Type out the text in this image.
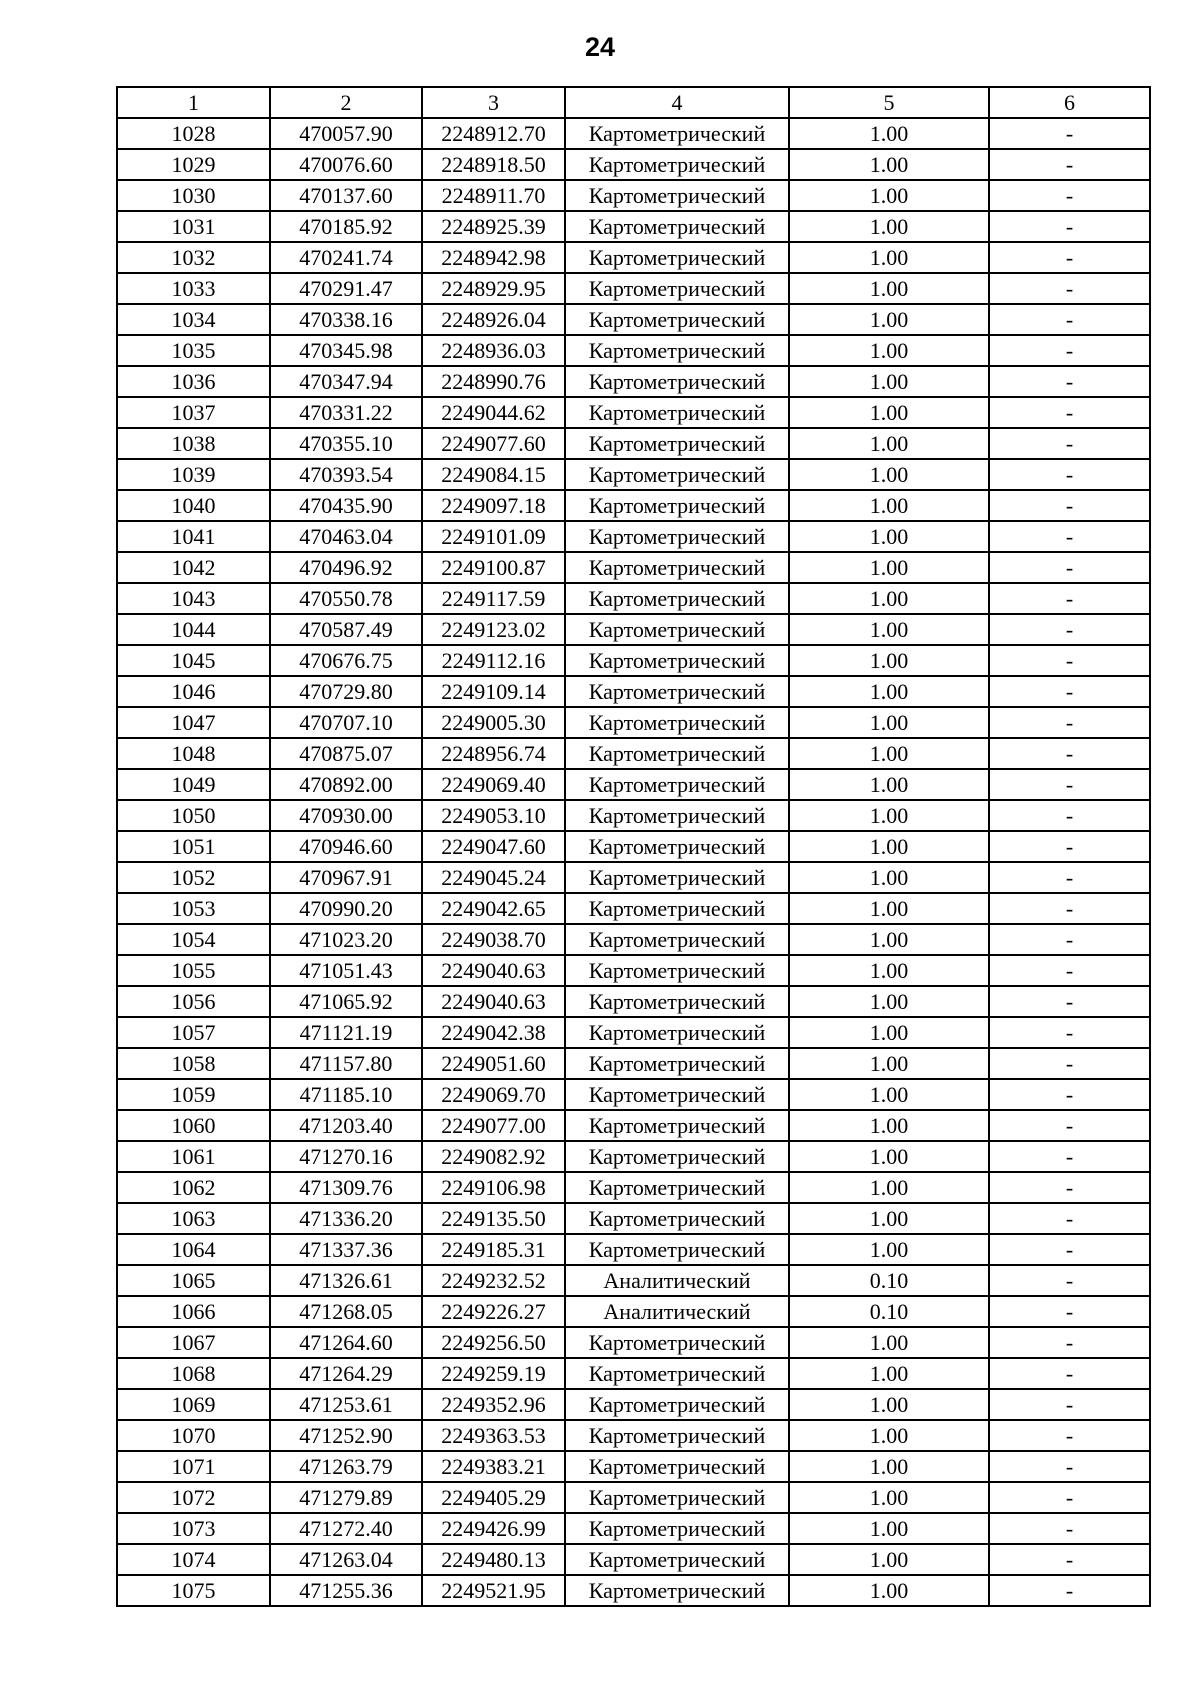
24
1	2	3	4	5	6
1028	470057.90	2248912.70	Картометрический	1.00	-
1029	470076.60	2248918.50	Картометрический	1.00	-
1030	470137.60	2248911.70	Картометрический	1.00	-
1031	470185.92	2248925.39	Картометрический	1.00	-
1032	470241.74	2248942.98	Картометрический	1.00	-
1033	470291.47	2248929.95	Картометрический	1.00	-
1034	470338.16	2248926.04	Картометрический	1.00	-
1035	470345.98	2248936.03	Картометрический	1.00	-
1036	470347.94	2248990.76	Картометрический	1.00	-
1037	470331.22	2249044.62	Картометрический	1.00	-
1038	470355.10	2249077.60	Картометрический	1.00	-
1039	470393.54	2249084.15	Картометрический	1.00	-
1040	470435.90	2249097.18	Картометрический	1.00	-
1041	470463.04	2249101.09	Картометрический	1.00	-
1042	470496.92	2249100.87	Картометрический	1.00	-
1043	470550.78	2249117.59	Картометрический	1.00	-
1044	470587.49	2249123.02	Картометрический	1.00	-
1045	470676.75	2249112.16	Картометрический	1.00	-
1046	470729.80	2249109.14	Картометрический	1.00	-
1047	470707.10	2249005.30	Картометрический	1.00	-
1048	470875.07	2248956.74	Картометрический	1.00	-
1049	470892.00	2249069.40	Картометрический	1.00	-
1050	470930.00	2249053.10	Картометрический	1.00	-
1051	470946.60	2249047.60	Картометрический	1.00	-
1052	470967.91	2249045.24	Картометрический	1.00	-
1053	470990.20	2249042.65	Картометрический	1.00	-
1054	471023.20	2249038.70	Картометрический	1.00	-
1055	471051.43	2249040.63	Картометрический	1.00	-
1056	471065.92	2249040.63	Картометрический	1.00	-
1057	471121.19	2249042.38	Картометрический	1.00	-
1058	471157.80	2249051.60	Картометрический	1.00	-
1059	471185.10	2249069.70	Картометрический	1.00	-
1060	471203.40	2249077.00	Картометрический	1.00	-
1061	471270.16	2249082.92	Картометрический	1.00	-
1062	471309.76	2249106.98	Картометрический	1.00	-
1063	471336.20	2249135.50	Картометрический	1.00	-
1064	471337.36	2249185.31	Картометрический	1.00	-
1065	471326.61	2249232.52	Аналитический	0.10	-
1066	471268.05	2249226.27	Аналитический	0.10	-
1067	471264.60	2249256.50	Картометрический	1.00	-
1068	471264.29	2249259.19	Картометрический	1.00	-
1069	471253.61	2249352.96	Картометрический	1.00	-
1070	471252.90	2249363.53	Картометрический	1.00	-
1071	471263.79	2249383.21	Картометрический	1.00	-
1072	471279.89	2249405.29	Картометрический	1.00	-
1073	471272.40	2249426.99	Картометрический	1.00	-
1074	471263.04	2249480.13	Картометрический	1.00	-
1075	471255.36	2249521.95	Картометрический	1.00	-
